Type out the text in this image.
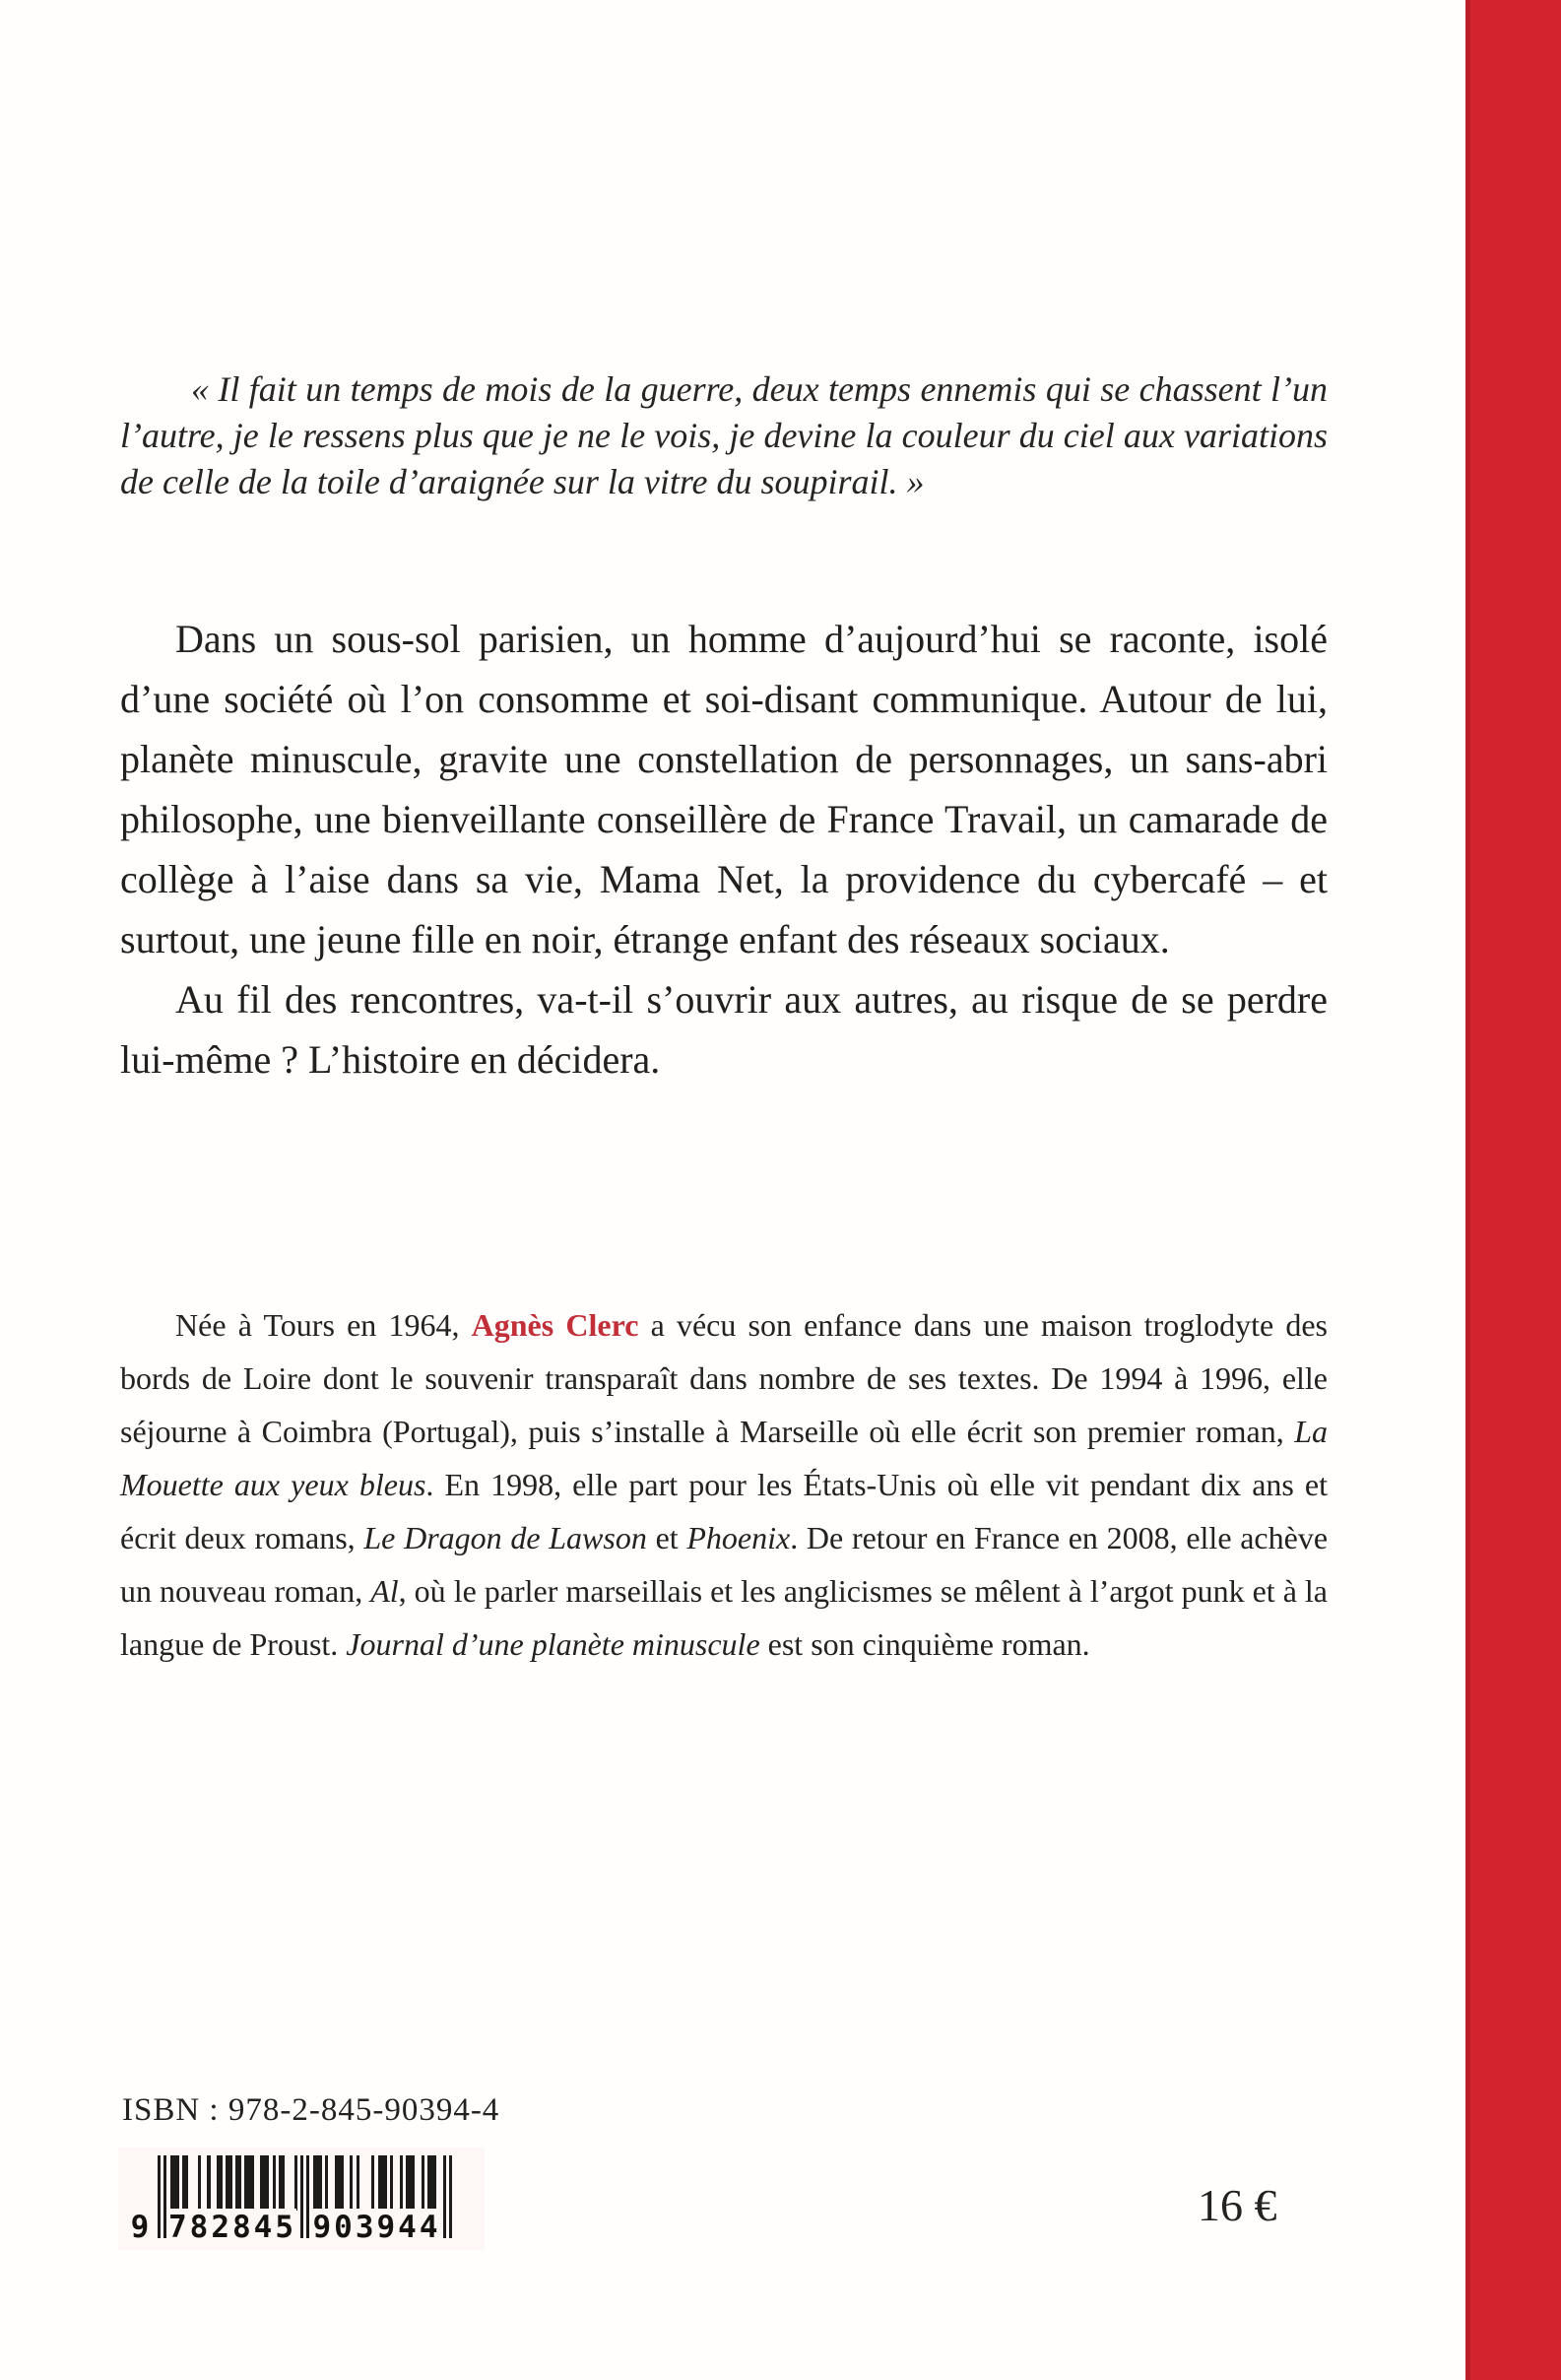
« Il fait un temps de mois de la guerre, deux temps ennemis qui se chassent l’un l’autre, je le ressens plus que je ne le vois, je devine la couleur du ciel aux variations de celle de la toile d’araignée sur la vitre du soupirail. »

Dans un sous-sol parisien, un homme d’aujourd’hui se raconte, isolé d’une société où l’on consomme et soi-disant communique. Autour de lui, planète minuscule, gravite une constellation de personnages, un sans-abri philosophe, une bienveillante conseillère de France Travail, un camarade de collège à l’aise dans sa vie, Mama Net, la providence du cybercafé – et surtout, une jeune fille en noir, étrange enfant des réseaux sociaux.

Au fil des rencontres, va-t-il s’ouvrir aux autres, au risque de se perdre lui-même ? L’histoire en décidera.

Née à Tours en 1964, Agnès Clerc a vécu son enfance dans une maison troglodyte des bords de Loire dont le souvenir transparaît dans nombre de ses textes. De 1994 à 1996, elle séjourne à Coimbra (Portugal), puis s’installe à Marseille où elle écrit son premier roman, La Mouette aux yeux bleus. En 1998, elle part pour les États-Unis où elle vit pendant dix ans et écrit deux romans, Le Dragon de Lawson et Phoenix. De retour en France en 2008, elle achève un nouveau roman, Al, où le parler marseillais et les anglicismes se mêlent à l’argot punk et à la langue de Proust. Journal d’une planète minuscule est son cinquième roman.
ISBN : 978-2-845-90394-4
9 782845 903944	16 €
